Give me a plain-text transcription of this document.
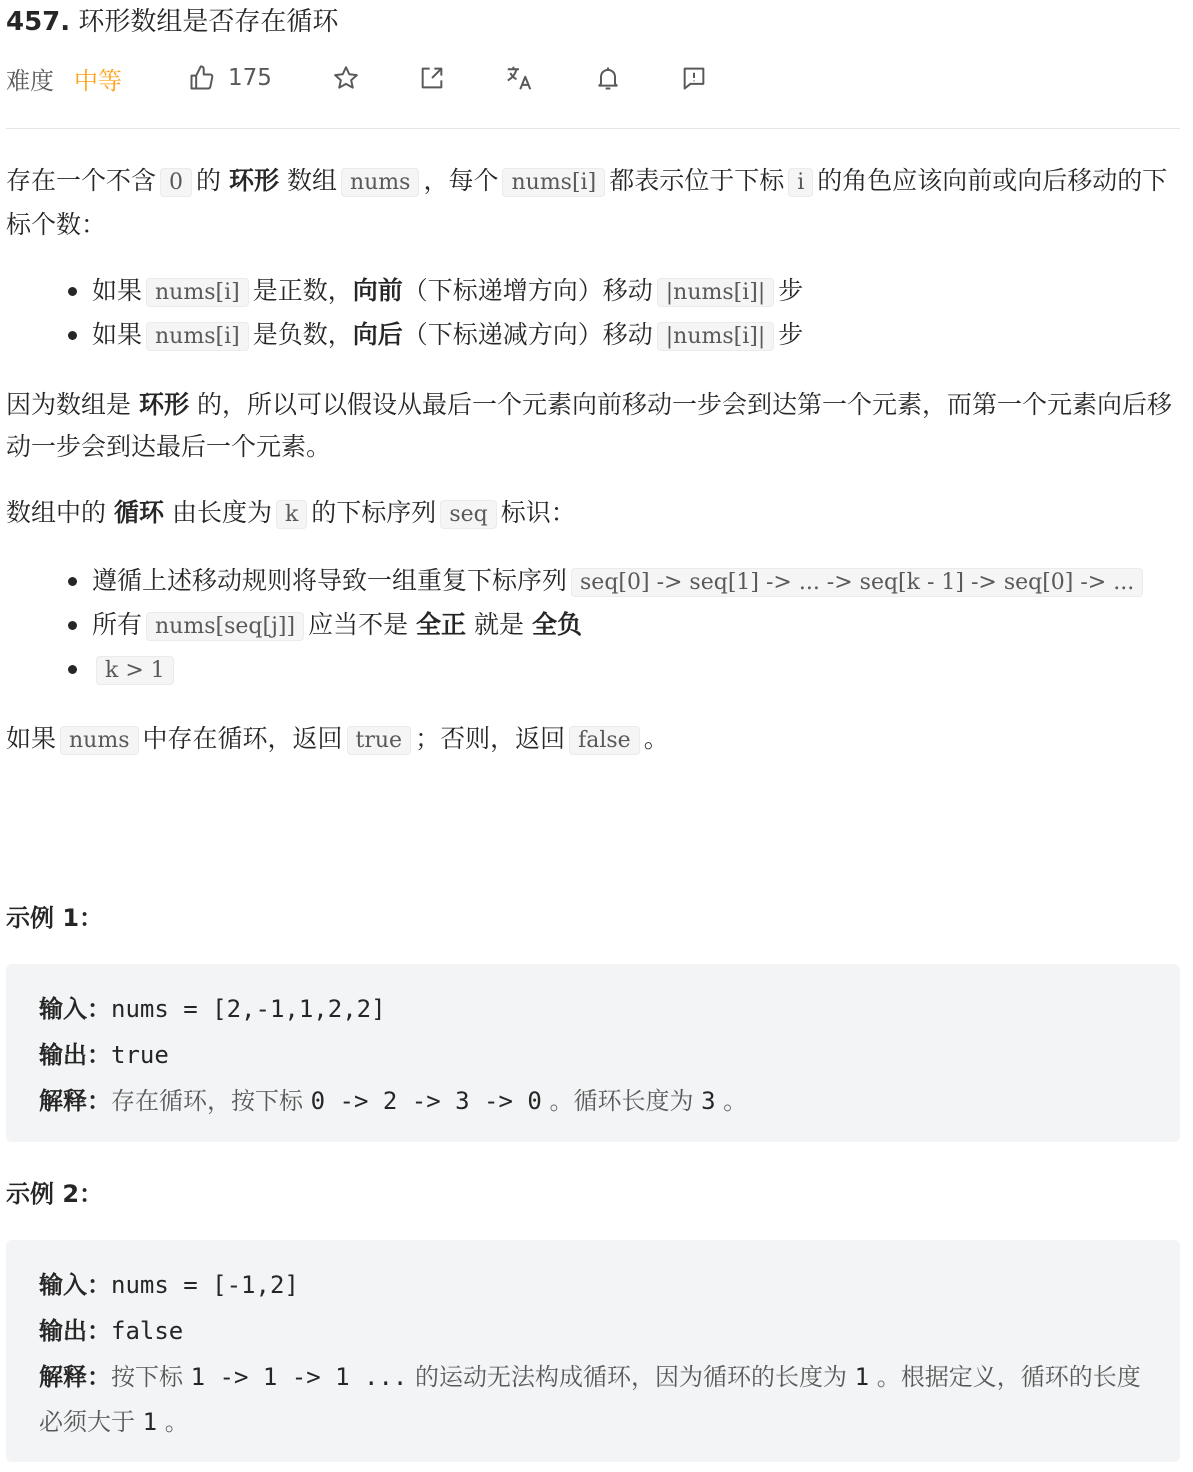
457. 环形数组是否存在循环
难度 中等	175

存在一个不含 0 的 环形 数组 nums ，每个 nums[i] 都表示位于下标 i 的角色应该向前或向后移动的下标个数：

如果 nums[i] 是正数，向前（下标递增方向）移动 |nums[i]| 步
如果 nums[i] 是负数，向后（下标递减方向）移动 |nums[i]| 步

因为数组是 环形 的，所以可以假设从最后一个元素向前移动一步会到达第一个元素，而第一个元素向后移动一步会到达最后一个元素。

数组中的 循环 由长度为 k 的下标序列 seq 标识：

遵循上述移动规则将导致一组重复下标序列 seq[0] -> seq[1] -> ... -> seq[k - 1] -> seq[0] -> ...
所有 nums[seq[j]] 应当不是 全正 就是 全负
k > 1

如果 nums 中存在循环，返回 true ；否则，返回 false 。

示例 1：
输入：nums = [2,-1,1,2,2]
输出：true
解释：存在循环，按下标 0 -> 2 -> 3 -> 0 。循环长度为 3 。
示例 2：
输入：nums = [-1,2]
输出：false
解释：按下标 1 -> 1 -> 1 ... 的运动无法构成循环，因为循环的长度为 1 。根据定义，循环的长度必须大于 1 。
